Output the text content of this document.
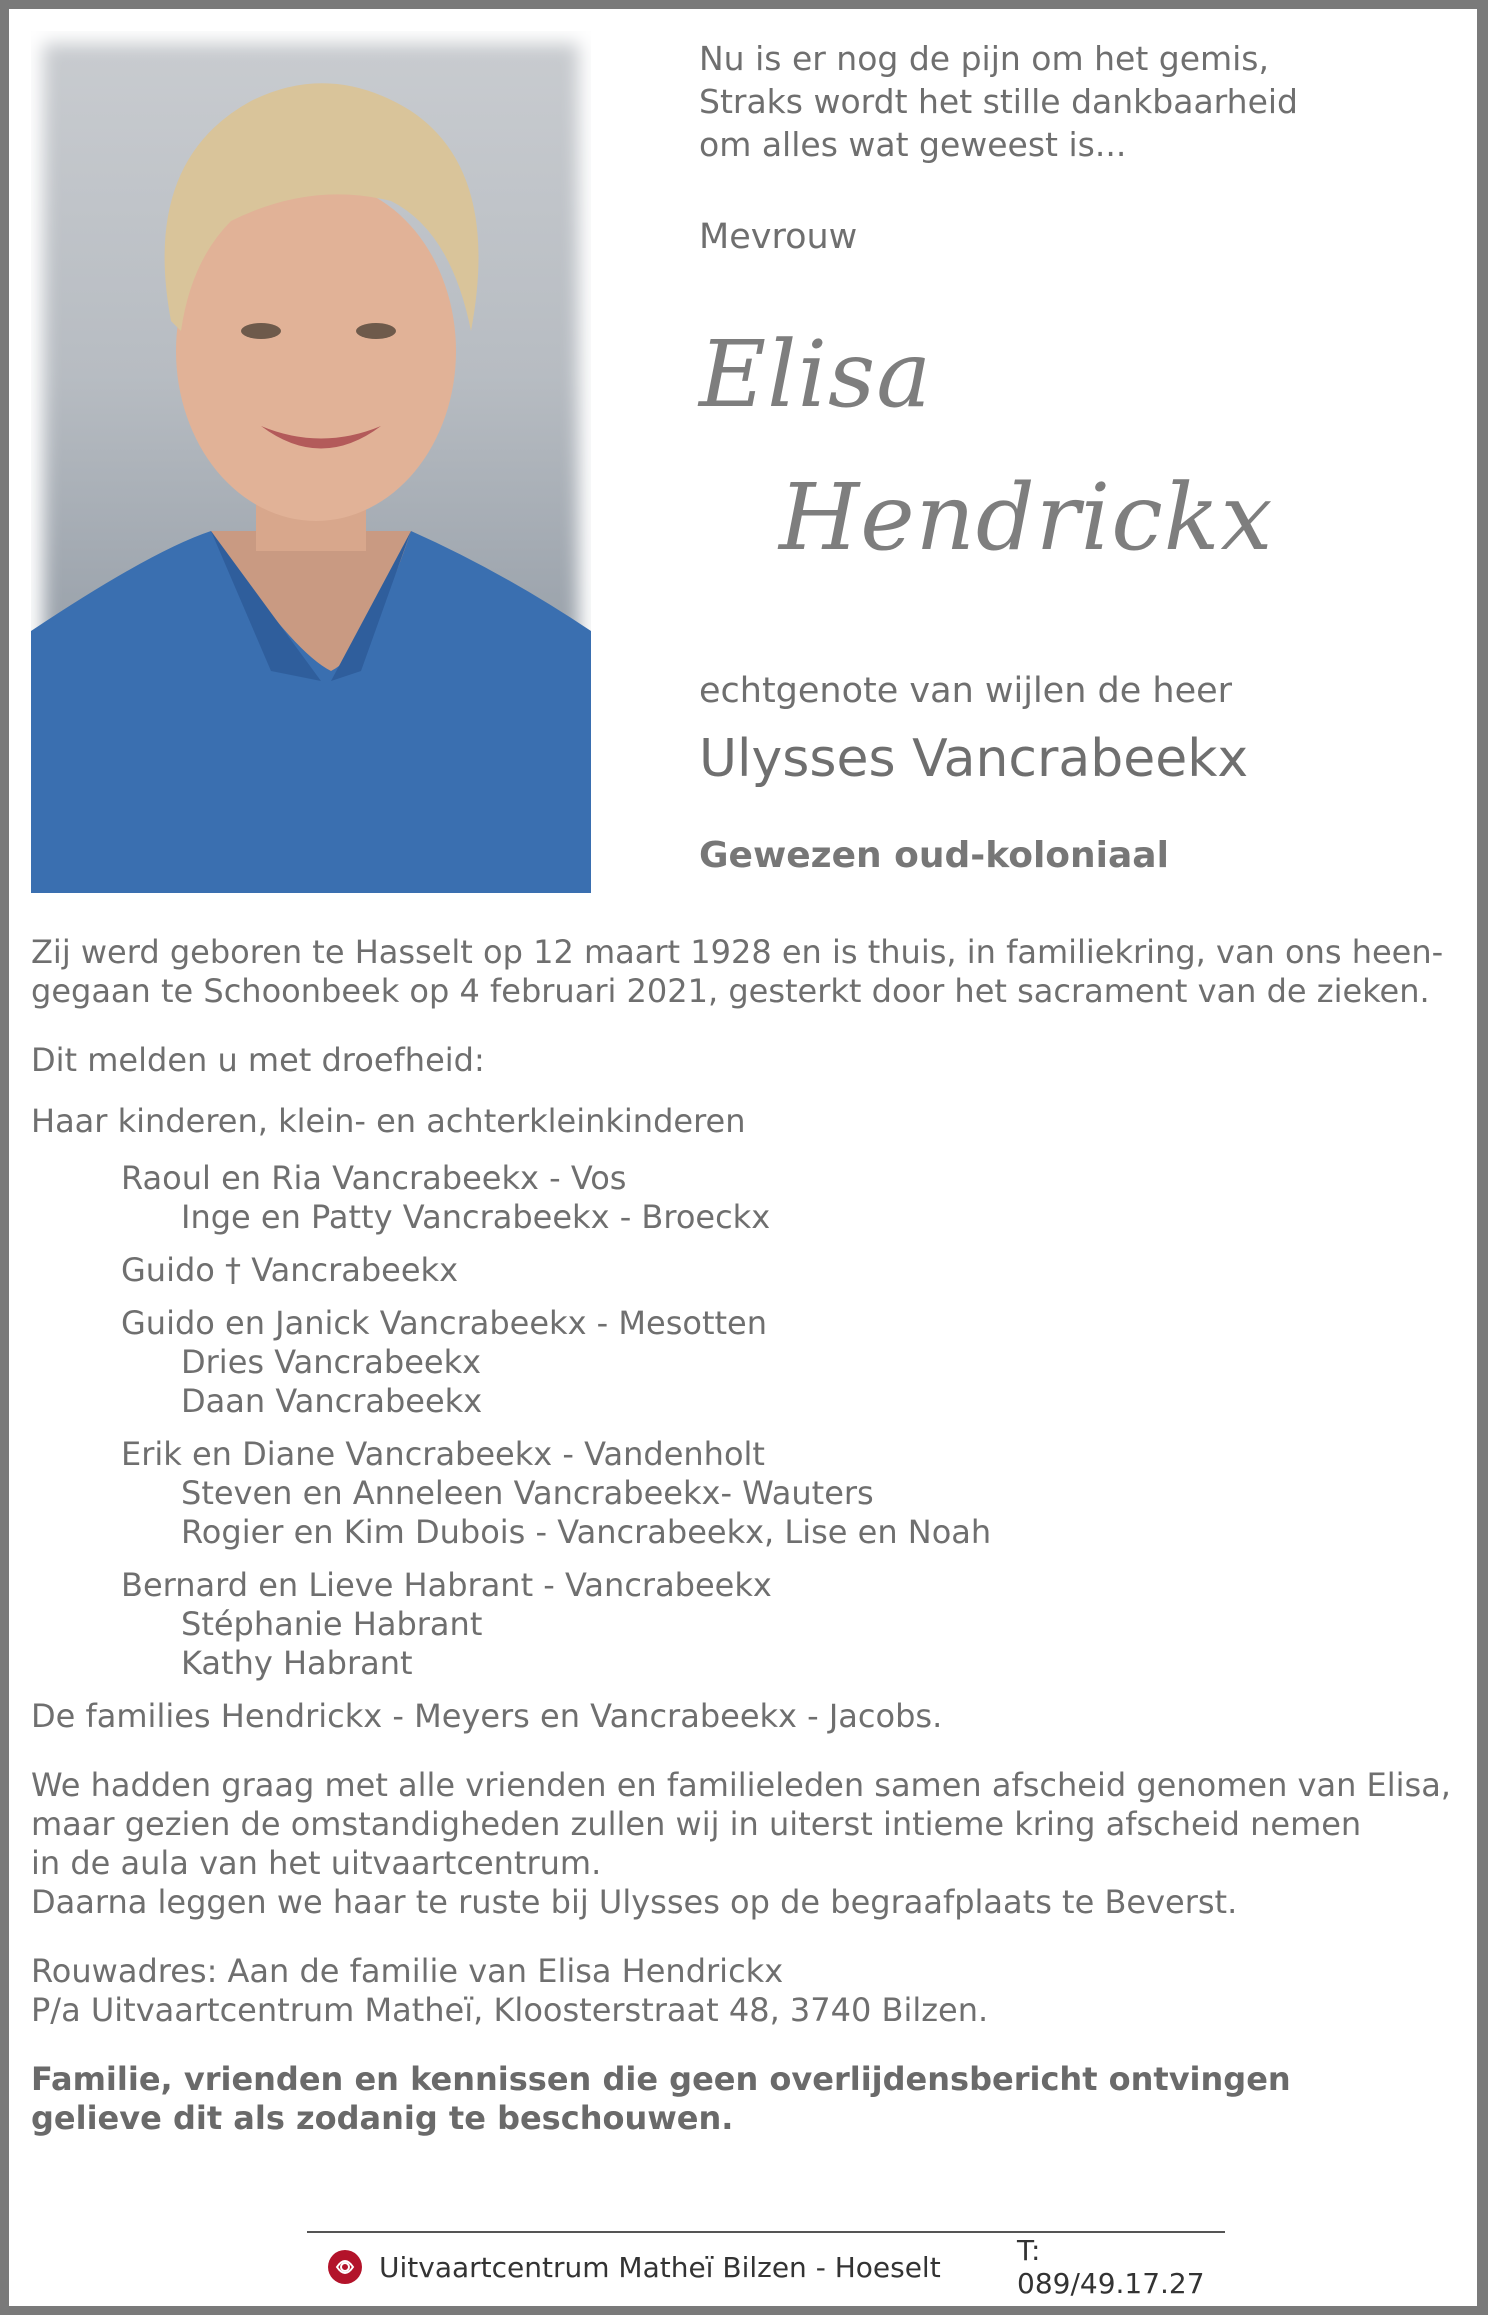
Nu is er nog de pijn om het gemis,
Straks wordt het stille dankbaarheid
om alles wat geweest is...

Mevrouw
Elisa
Hendrickx
echtgenote van wijlen de heer
Ulysses Vancrabeekx
Gewezen oud-koloniaal

Zij werd geboren te Hasselt op 12 maart 1928 en is thuis, in familiekring, van ons heen-gegaan te Schoonbeek op 4 februari 2021, gesterkt door het sacrament van de zieken.

Dit melden u met droefheid:

Haar kinderen, klein- en achterkleinkinderen

Raoul en Ria Vancrabeekx - Vos
Inge en Patty Vancrabeekx - Broeckx
Guido † Vancrabeekx
Guido en Janick Vancrabeekx - Mesotten
Dries Vancrabeekx
Daan Vancrabeekx
Erik en Diane Vancrabeekx - Vandenholt
Steven en Anneleen Vancrabeekx- Wauters
Rogier en Kim Dubois - Vancrabeekx, Lise en Noah
Bernard en Lieve Habrant - Vancrabeekx
Stéphanie Habrant
Kathy Habrant

De families Hendrickx - Meyers en Vancrabeekx - Jacobs.

We hadden graag met alle vrienden en familieleden samen afscheid genomen van Elisa,

maar gezien de omstandigheden zullen wij in uiterst intieme kring afscheid nemen

in de aula van het uitvaartcentrum.

Daarna leggen we haar te ruste bij Ulysses op de begraafplaats te Beverst.

Rouwadres: Aan de familie van Elisa Hendrickx

P/a Uitvaartcentrum Matheï, Kloosterstraat 48, 3740 Bilzen.

Familie, vrienden en kennissen die geen overlijdensbericht ontvingen

gelieve dit als zodanig te beschouwen.

Uitvaartcentrum Matheï Bilzen - Hoeselt	T: 089/49.17.27
